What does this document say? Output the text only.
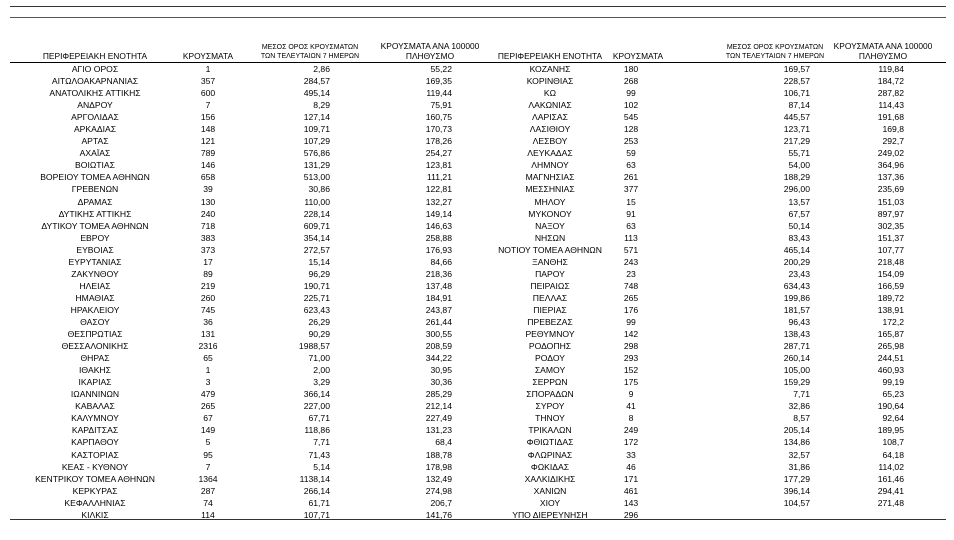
ΠΕΡΙΦΕΡΕΙΑΚΗ ΕΝΟΤΗΤΑ	ΚΡΟΥΣΜΑΤΑ
ΜΕΣΟΣ ΟΡΟΣ ΚΡΟΥΣΜΑΤΩΝ
ΤΩΝ ΤΕΛΕΥΤΑΙΩΝ 7 ΗΜΕΡΩΝ
ΚΡΟΥΣΜΑΤΑ ΑΝΑ 100000
ΠΛΗΘΥΣΜΟ
ΑΓΙΟ ΟΡΟΣ	1	2,86	55,22
ΑΙΤΩΛΟΑΚΑΡΝΑΝΙΑΣ	357	284,57	169,35
ΑΝΑΤΟΛΙΚΗΣ ΑΤΤΙΚΗΣ	600	495,14	119,44
ΑΝΔΡΟΥ	7	8,29	75,91
ΑΡΓΟΛΙΔΑΣ	156	127,14	160,75
ΑΡΚΑΔΙΑΣ	148	109,71	170,73
ΑΡΤΑΣ	121	107,29	178,26
ΑΧΑΪΑΣ	789	576,86	254,27
ΒΟΙΩΤΙΑΣ	146	131,29	123,81
ΒΟΡΕΙΟΥ ΤΟΜΕΑ ΑΘΗΝΩΝ	658	513,00	111,21
ΓΡΕΒΕΝΩΝ	39	30,86	122,81
ΔΡΑΜΑΣ	130	110,00	132,27
ΔΥΤΙΚΗΣ ΑΤΤΙΚΗΣ	240	228,14	149,14
ΔΥΤΙΚΟΥ ΤΟΜΕΑ ΑΘΗΝΩΝ	718	609,71	146,63
ΕΒΡΟΥ	383	354,14	258,88
ΕΥΒΟΙΑΣ	373	272,57	176,93
ΕΥΡΥΤΑΝΙΑΣ	17	15,14	84,66
ΖΑΚΥΝΘΟΥ	89	96,29	218,36
ΗΛΕΙΑΣ	219	190,71	137,48
ΗΜΑΘΙΑΣ	260	225,71	184,91
ΗΡΑΚΛΕΙΟΥ	745	623,43	243,87
ΘΑΣΟΥ	36	26,29	261,44
ΘΕΣΠΡΩΤΙΑΣ	131	90,29	300,55
ΘΕΣΣΑΛΟΝΙΚΗΣ	2316	1988,57	208,59
ΘΗΡΑΣ	65	71,00	344,22
ΙΘΑΚΗΣ	1	2,00	30,95
ΙΚΑΡΙΑΣ	3	3,29	30,36
ΙΩΑΝΝΙΝΩΝ	479	366,14	285,29
ΚΑΒΑΛΑΣ	265	227,00	212,14
ΚΑΛΥΜΝΟΥ	67	67,71	227,49
ΚΑΡΔΙΤΣΑΣ	149	118,86	131,23
ΚΑΡΠΑΘΟΥ	5	7,71	68,4
ΚΑΣΤΟΡΙΑΣ	95	71,43	188,78
ΚΕΑΣ - ΚΥΘΝΟΥ	7	5,14	178,98
ΚΕΝΤΡΙΚΟΥ ΤΟΜΕΑ ΑΘΗΝΩΝ	1364	1138,14	132,49
ΚΕΡΚΥΡΑΣ	287	266,14	274,98
ΚΕΦΑΛΛΗΝΙΑΣ	74	61,71	206,7
ΚΙΛΚΙΣ	114	107,71	141,76
ΠΕΡΙΦΕΡΕΙΑΚΗ ΕΝΟΤΗΤΑ	ΚΡΟΥΣΜΑΤΑ
ΜΕΣΟΣ ΟΡΟΣ ΚΡΟΥΣΜΑΤΩΝ
ΤΩΝ ΤΕΛΕΥΤΑΙΩΝ 7 ΗΜΕΡΩΝ
ΚΡΟΥΣΜΑΤΑ ΑΝΑ 100000
ΠΛΗΘΥΣΜΟ
ΚΟΖΑΝΗΣ	180	169,57	119,84
ΚΟΡΙΝΘΙΑΣ	268	228,57	184,72
ΚΩ	99	106,71	287,82
ΛΑΚΩΝΙΑΣ	102	87,14	114,43
ΛΑΡΙΣΑΣ	545	445,57	191,68
ΛΑΣΙΘΙΟΥ	128	123,71	169,8
ΛΕΣΒΟΥ	253	217,29	292,7
ΛΕΥΚΑΔΑΣ	59	55,71	249,02
ΛΗΜΝΟΥ	63	54,00	364,96
ΜΑΓΝΗΣΙΑΣ	261	188,29	137,36
ΜΕΣΣΗΝΙΑΣ	377	296,00	235,69
ΜΗΛΟΥ	15	13,57	151,03
ΜΥΚΟΝΟΥ	91	67,57	897,97
ΝΑΞΟΥ	63	50,14	302,35
ΝΗΣΩΝ	113	83,43	151,37
ΝΟΤΙΟΥ ΤΟΜΕΑ ΑΘΗΝΩΝ	571	465,14	107,77
ΞΑΝΘΗΣ	243	200,29	218,48
ΠΑΡΟΥ	23	23,43	154,09
ΠΕΙΡΑΙΩΣ	748	634,43	166,59
ΠΕΛΛΑΣ	265	199,86	189,72
ΠΙΕΡΙΑΣ	176	181,57	138,91
ΠΡΕΒΕΖΑΣ	99	96,43	172,2
ΡΕΘΥΜΝΟΥ	142	138,43	165,87
ΡΟΔΟΠΗΣ	298	287,71	265,98
ΡΟΔΟΥ	293	260,14	244,51
ΣΑΜΟΥ	152	105,00	460,93
ΣΕΡΡΩΝ	175	159,29	99,19
ΣΠΟΡΑΔΩΝ	9	7,71	65,23
ΣΥΡΟΥ	41	32,86	190,64
ΤΗΝΟΥ	8	8,57	92,64
ΤΡΙΚΑΛΩΝ	249	205,14	189,95
ΦΘΙΩΤΙΔΑΣ	172	134,86	108,7
ΦΛΩΡΙΝΑΣ	33	32,57	64,18
ΦΩΚΙΔΑΣ	46	31,86	114,02
ΧΑΛΚΙΔΙΚΗΣ	171	177,29	161,46
ΧΑΝΙΩΝ	461	396,14	294,41
ΧΙΟΥ	143	104,57	271,48
ΥΠΟ ΔΙΕΡΕΥΝΗΣΗ	296
